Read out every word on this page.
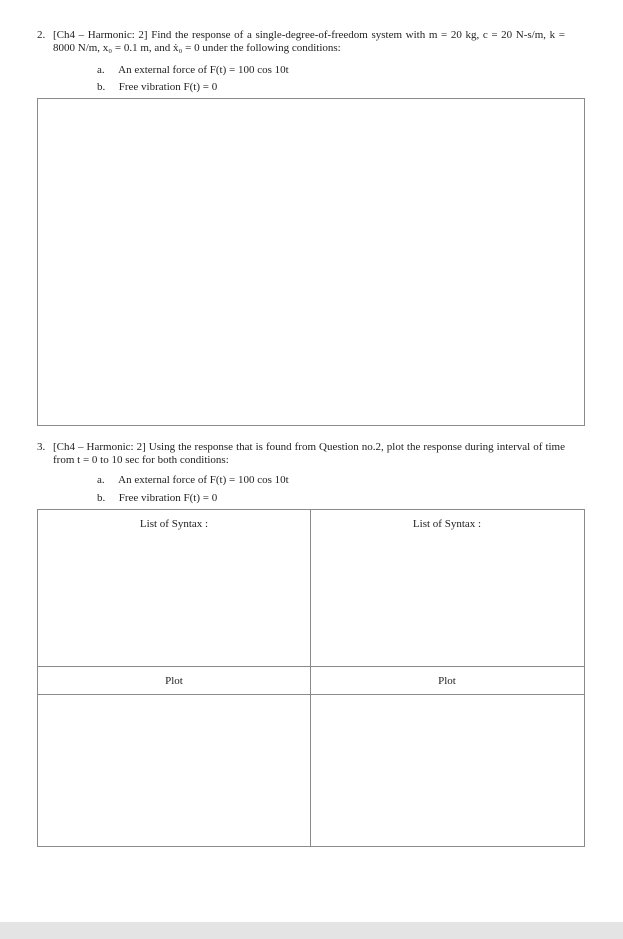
2. [Ch4 – Harmonic: 2] Find the response of a single-degree-of-freedom system with m = 20 kg, c = 20 N-s/m, k = 8000 N/m, x₀ = 0.1 m, and ẋ₀ = 0 under the following conditions:
a. An external force of F(t) = 100 cos 10t
b. Free vibration F(t) = 0
3. [Ch4 – Harmonic: 2] Using the response that is found from Question no.2, plot the response during interval of time from t = 0 to 10 sec for both conditions:
a. An external force of F(t) = 100 cos 10t
b. Free vibration F(t) = 0
List of Syntax :	List of Syntax :
Plot	Plot
